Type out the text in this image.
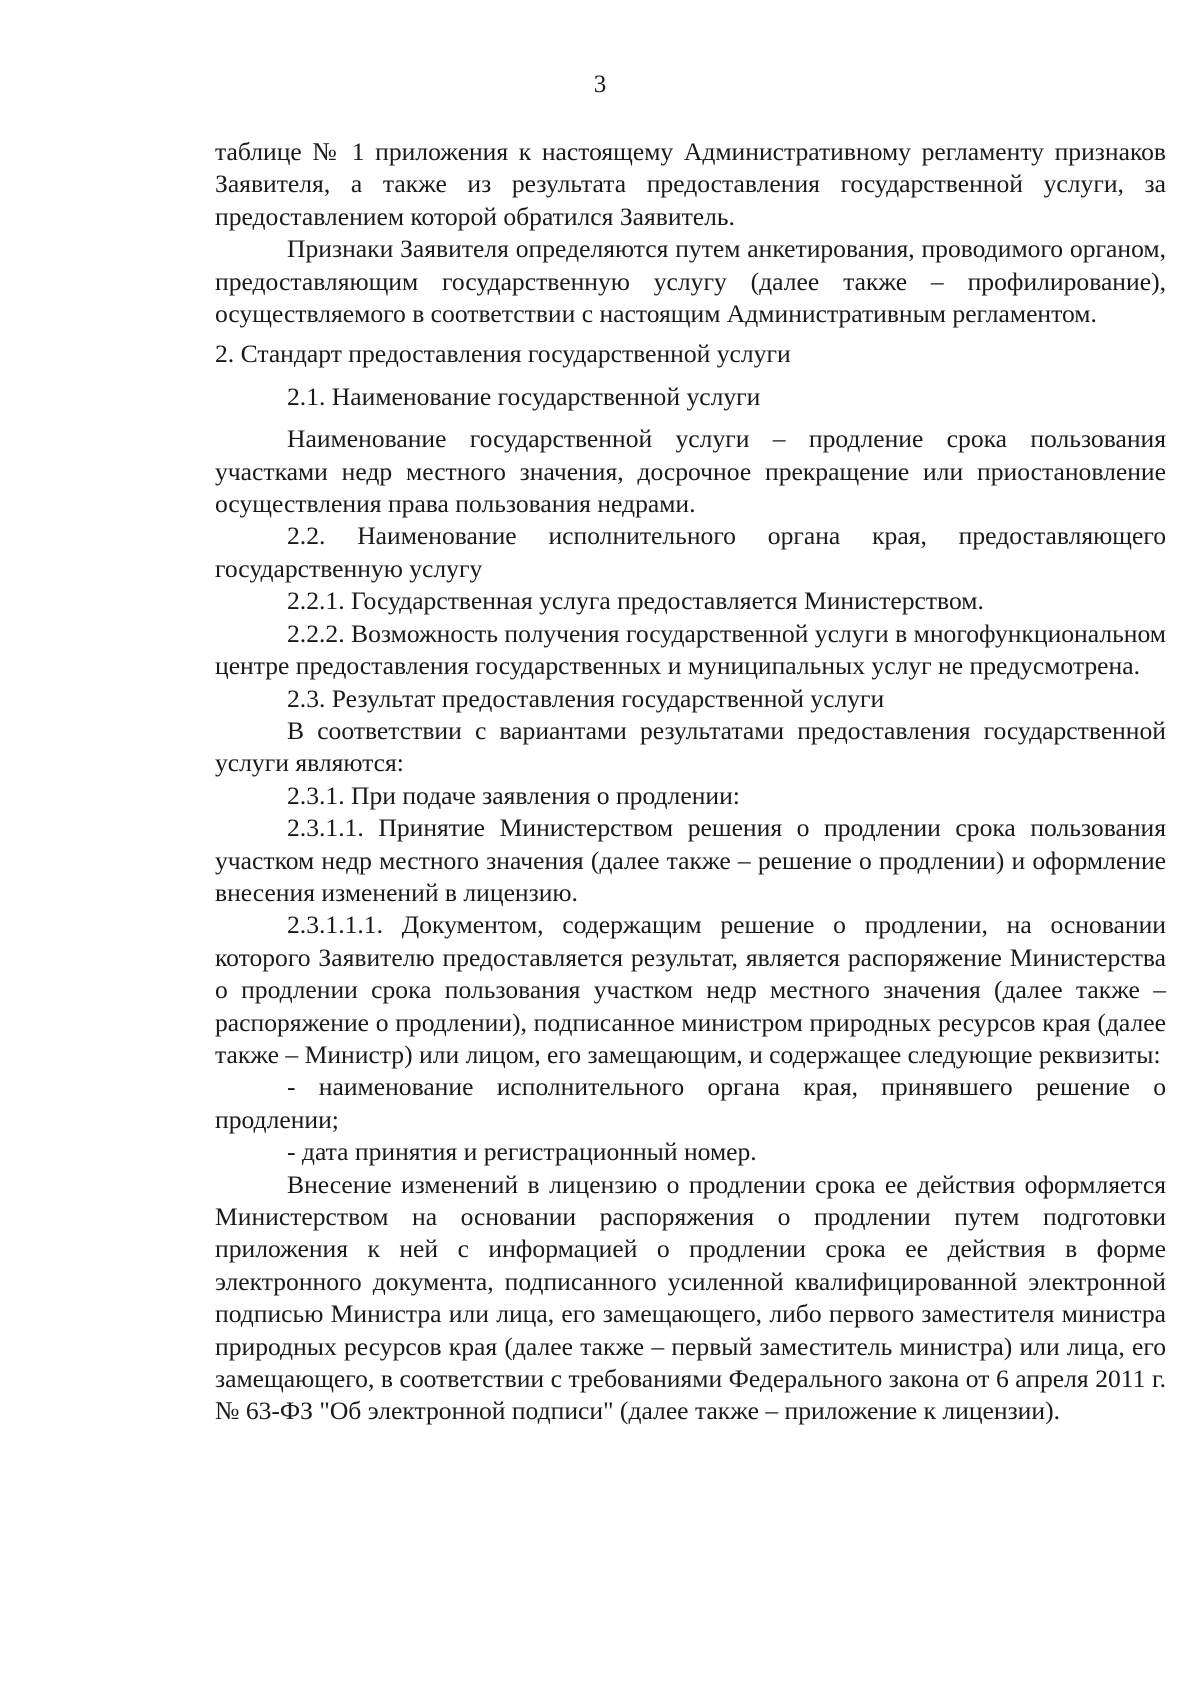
3

таблице № 1 приложения к настоящему Административному регламенту признаков Заявителя, а также из результата предоставления государственной услуги, за предоставлением которой обратился Заявитель.

Признаки Заявителя определяются путем анкетирования, проводимого органом, предоставляющим государственную услугу (далее также – профилирование), осуществляемого в соответствии с настоящим Административным регламентом.

2. Стандарт предоставления государственной услуги

2.1. Наименование государственной услуги

Наименование государственной услуги – продление срока пользования участками недр местного значения, досрочное прекращение или приостановление осуществления права пользования недрами.

2.2. Наименование исполнительного органа края, предоставляющего государственную услугу

2.2.1. Государственная услуга предоставляется Министерством.

2.2.2. Возможность получения государственной услуги в многофункциональном центре предоставления государственных и муниципальных услуг не предусмотрена.

2.3. Результат предоставления государственной услуги

В соответствии с вариантами результатами предоставления государственной услуги являются:

2.3.1. При подаче заявления о продлении:

2.3.1.1. Принятие Министерством решения о продлении срока пользования участком недр местного значения (далее также – решение о продлении) и оформление внесения изменений в лицензию.

2.3.1.1.1. Документом, содержащим решение о продлении, на основании которого Заявителю предоставляется результат, является распоряжение Министерства о продлении срока пользования участком недр местного значения (далее также – распоряжение о продлении), подписанное министром природных ресурсов края (далее также – Министр) или лицом, его замещающим, и содержащее следующие реквизиты:

- наименование исполнительного органа края, принявшего решение о продлении;

- дата принятия и регистрационный номер.

Внесение изменений в лицензию о продлении срока ее действия оформляется Министерством на основании распоряжения о продлении путем подготовки приложения к ней с информацией о продлении срока ее действия в форме электронного документа, подписанного усиленной квалифицированной электронной подписью Министра или лица, его замещающего, либо первого заместителя министра природных ресурсов края (далее также – первый заместитель министра) или лица, его замещающего, в соответствии с требованиями Федерального закона от 6 апреля 2011 г. № 63-ФЗ "Об электронной подписи" (далее также – приложение к лицензии).
